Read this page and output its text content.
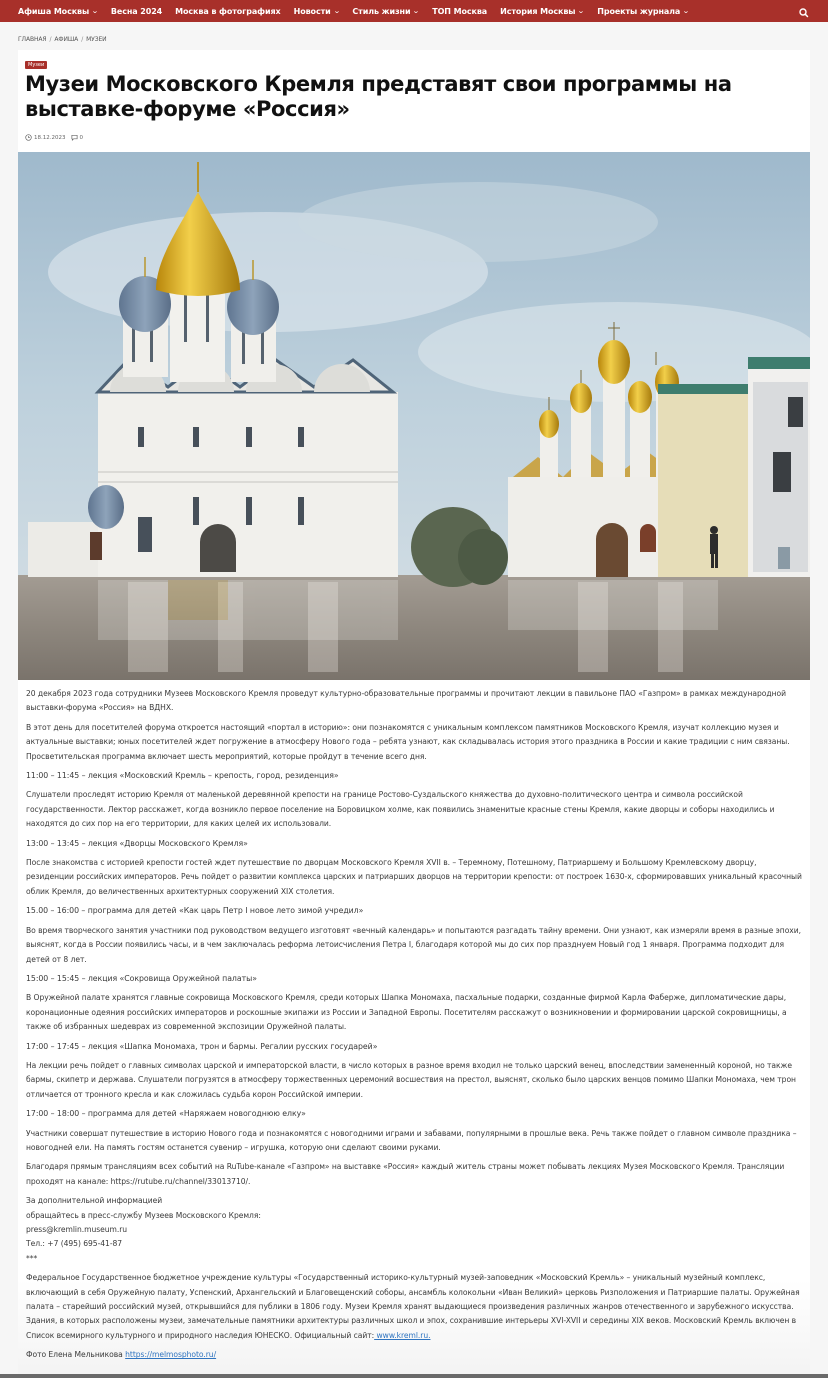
Афиша Москвы ⌄ Весна 2024 Москва в фотографиях Новости ⌄ Стиль жизни ⌄ ТОП Москва История Москвы ⌄ Проекты журнала ⌄
ГЛАВНАЯ / АФИША / МУЗЕИ
Музеи
Музеи Московского Кремля представят свои программы на выставке-форуме «Россия»
18.12.2023	0

20 декабря 2023 года сотрудники Музеев Московского Кремля проведут культурно-образовательные программы и прочитают лекции в павильоне ПАО «Газпром» в рамках международной выставки-форума «Россия» на ВДНХ.

В этот день для посетителей форума откроется настоящий «портал в историю»: они познакомятся с уникальным комплексом памятников Московского Кремля, изучат коллекцию музея и актуальные выставки; юных посетителей ждет погружение в атмосферу Нового года – ребята узнают, как складывалась история этого праздника в России и какие традиции с ним связаны. Просветительская программа включает шесть мероприятий, которые пройдут в течение всего дня.

11:00 – 11:45 – лекция «Московский Кремль – крепость, город, резиденция»

Слушатели проследят историю Кремля от маленькой деревянной крепости на границе Ростово-Суздальского княжества до духовно-политического центра и символа российской государственности. Лектор расскажет, когда возникло первое поселение на Боровицком холме, как появились знаменитые красные стены Кремля, какие дворцы и соборы находились и находятся до сих пор на его территории, для каких целей их использовали.

13:00 – 13:45 – лекция «Дворцы Московского Кремля»

После знакомства с историей крепости гостей ждет путешествие по дворцам Московского Кремля XVII в. – Теремному, Потешному, Патриаршему и Большому Кремлевскому дворцу, резиденции российских императоров. Речь пойдет о развитии комплекса царских и патриарших дворцов на территории крепости: от построек 1630-х, сформировавших уникальный красочный облик Кремля, до величественных архитектурных сооружений XIX столетия.

15.00 – 16:00 – программа для детей «Как царь Петр I новое лето зимой учредил»

Во время творческого занятия участники под руководством ведущего изготовят «вечный календарь» и попытаются разгадать тайну времени. Они узнают, как измеряли время в разные эпохи, выяснят, когда в России появились часы, и в чем заключалась реформа летоисчисления Петра I, благодаря которой мы до сих пор празднуем Новый год 1 января. Программа подходит для детей от 8 лет.

15:00 – 15:45 – лекция «Сокровища Оружейной палаты»

В Оружейной палате хранятся главные сокровища Московского Кремля, среди которых Шапка Мономаха, пасхальные подарки, созданные фирмой Карла Фаберже, дипломатические дары, коронационные одеяния российских императоров и роскошные экипажи из России и Западной Европы. Посетителям расскажут о возникновении и формировании царской сокровищницы, а также об избранных шедеврах из современной экспозиции Оружейной палаты.

17:00 – 17:45 – лекция «Шапка Мономаха, трон и бармы. Регалии русских государей»

На лекции речь пойдет о главных символах царской и императорской власти, в число которых в разное время входил не только царский венец, впоследствии замененный короной, но также бармы, скипетр и держава. Слушатели погрузятся в атмосферу торжественных церемоний восшествия на престол, выяснят, сколько было царских венцов помимо Шапки Мономаха, чем трон отличается от тронного кресла и как сложилась судьба корон Российской империи.

17:00 – 18:00 – программа для детей «Наряжаем новогоднюю елку»

Участники совершат путешествие в историю Нового года и познакомятся с новогодними играми и забавами, популярными в прошлые века. Речь также пойдет о главном символе праздника – новогодней ели. На память гостям останется сувенир – игрушка, которую они сделают своими руками.

Благодаря прямым трансляциям всех событий на RuTube-канале «Газпром» на выставке «Россия» каждый житель страны может побывать лекциях Музея Московского Кремля. Трансляции проходят на канале: https://rutube.ru/channel/33013710/.

За дополнительной информацией

обращайтесь в пресс-службу Музеев Московского Кремля:

press@kremlin.museum.ru

Тел.: +7 (495) 695-41-87

***

Федеральное Государственное бюджетное учреждение культуры «Государственный историко-культурный музей-заповедник «Московский Кремль» – уникальный музейный комплекс, включающий в себя Оружейную палату, Успенский, Архангельский и Благовещенский соборы, ансамбль колокольни «Иван Великий» церковь Ризположения и Патриаршие палаты. Оружейная палата – старейший российский музей, открывшийся для публики в 1806 году. Музеи Кремля хранят выдающиеся произведения различных жанров отечественного и зарубежного искусства. Здания, в которых расположены музеи, замечательные памятники архитектуры различных школ и эпох, сохранившие интерьеры XVI-XVII и середины XIX веков. Московский Кремль включен в Список всемирного культурного и природного наследия ЮНЕСКО. Официальный сайт: www.kreml.ru.

Фото Елена Мельникова https://melmosphoto.ru/
